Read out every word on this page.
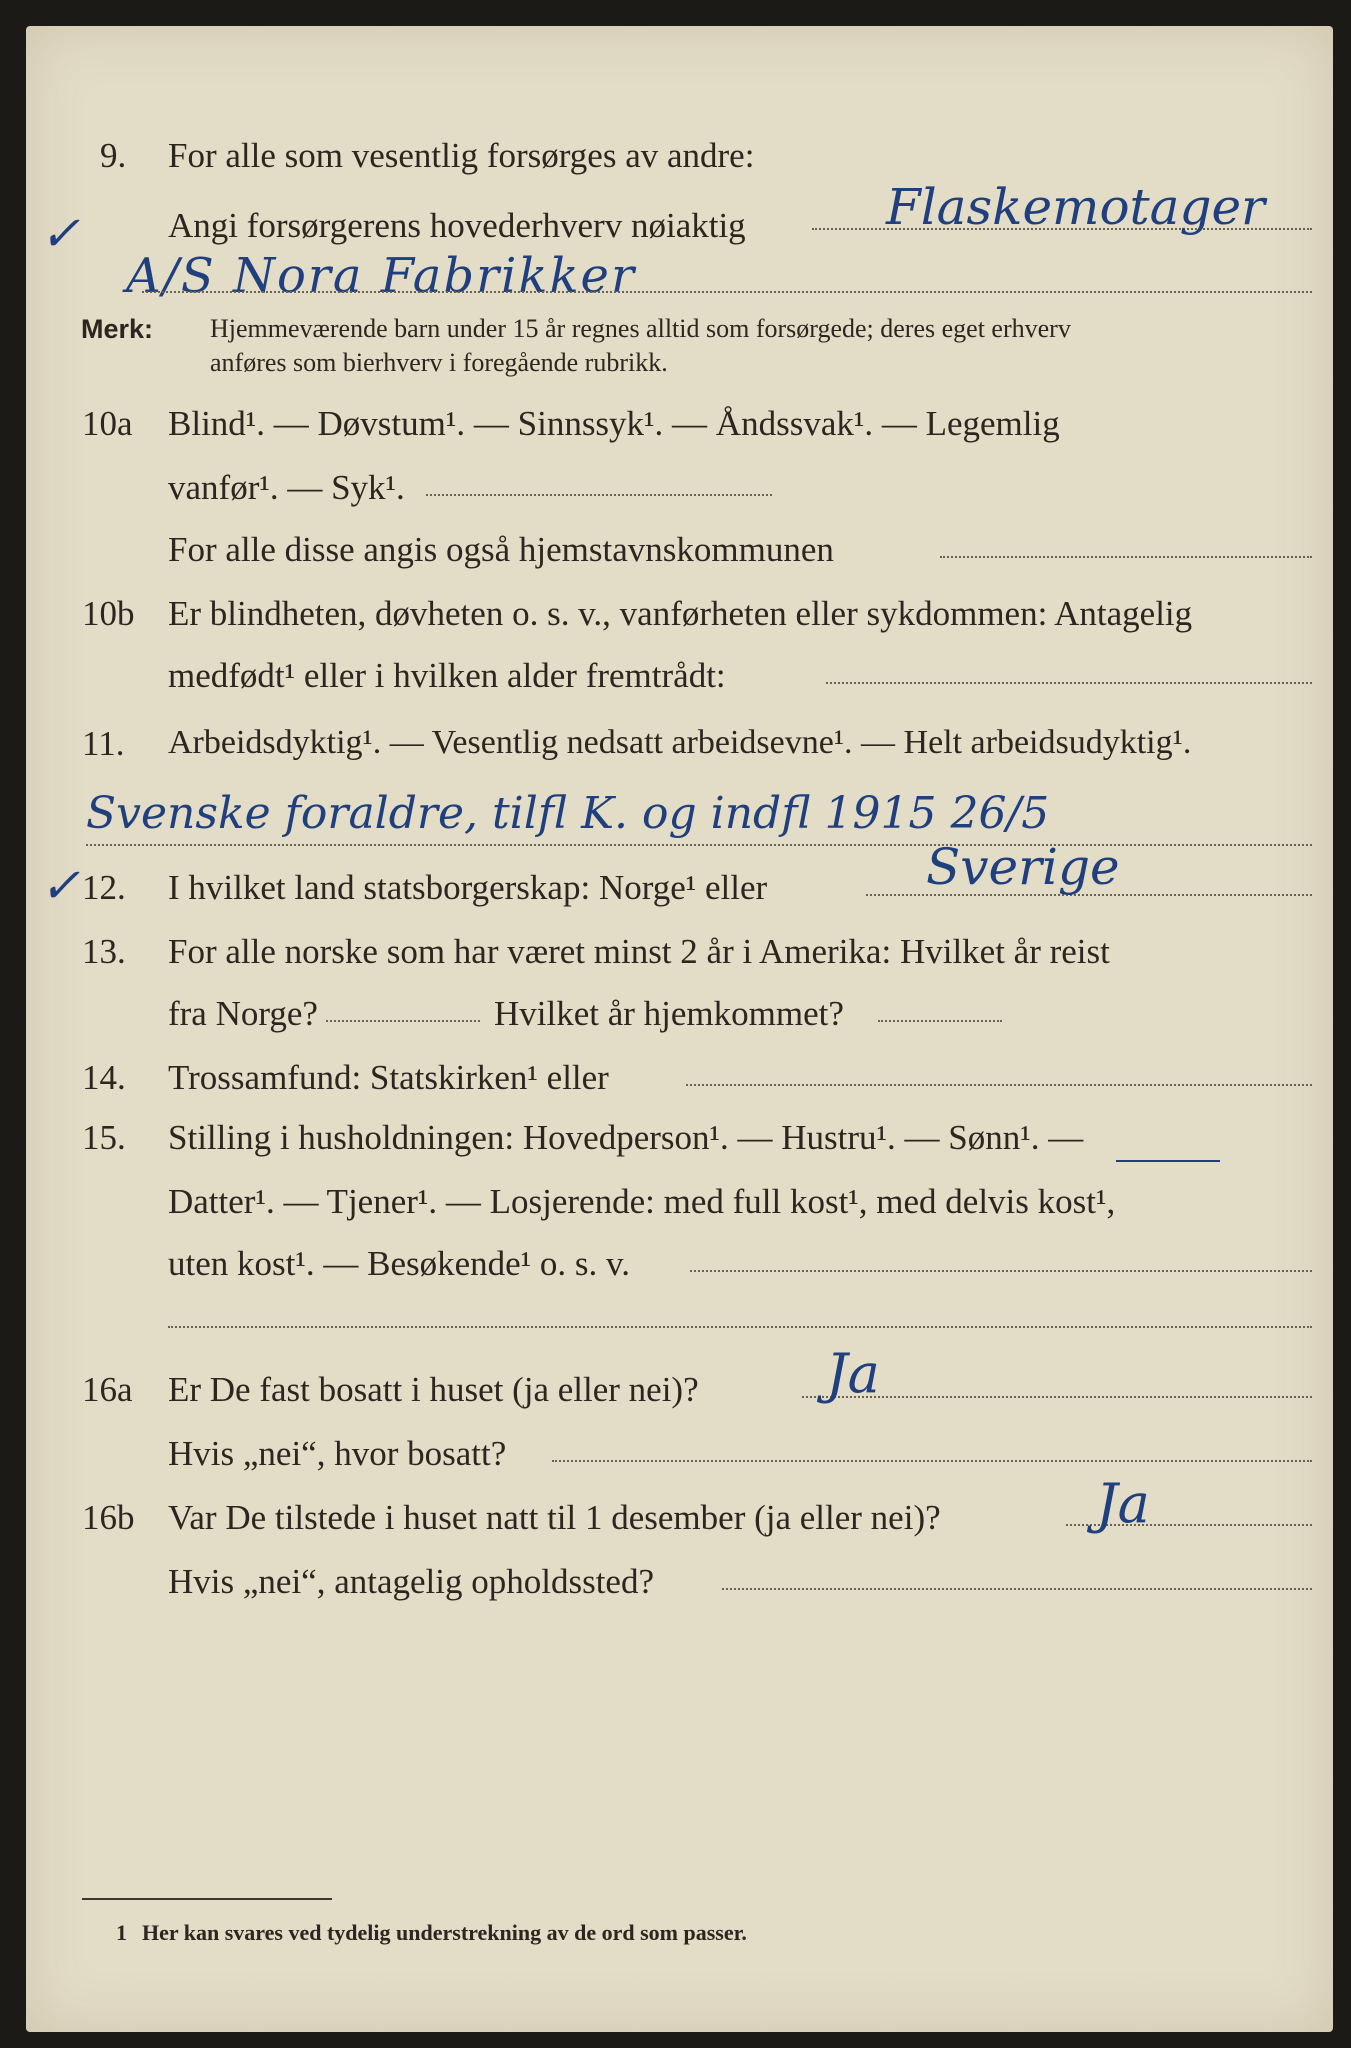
9. For alle som vesentlig forsørges av andre:
✓	Angi forsørgerens hovederhverv nøiaktig	Flaskemotager
A/S Nora Fabrikker
Merk: Hjemmeværende barn under 15 år regnes alltid som forsørgede; deres eget erhverv
anføres som bierhverv i foregående rubrikk.
10a Blind¹. — Døvstum¹. — Sinnssyk¹. — Åndssvak¹. — Legemlig
vanfør¹. — Syk¹.
For alle disse angis også hjemstavnskommunen
10b Er blindheten, døvheten o. s. v., vanførheten eller sykdommen: Antagelig
medfødt¹ eller i hvilken alder fremtrådt:
11. Arbeidsdyktig¹. — Vesentlig nedsatt arbeidsevne¹. — Helt arbeidsudyktig¹.
Svenske foraldre, tilfl K. og indfl 1915 26/5
✓ 12. I hvilket land statsborgerskap: Norge¹ eller	Sverige
13. For alle norske som har været minst 2 år i Amerika: Hvilket år reist
fra Norge?	Hvilket år hjemkommet?
14. Trossamfund: Statskirken¹ eller
15. Stilling i husholdningen: Hovedperson¹. — Hustru¹. — Sønn¹. —
Datter¹. — Tjener¹. — Losjerende: med full kost¹, med delvis kost¹,
uten kost¹. — Besøkende¹ o. s. v.
16a Er De fast bosatt i huset (ja eller nei)? Ja
Hvis „nei“, hvor bosatt?
16b Var De tilstede i huset natt til 1 desember (ja eller nei)?	Ja
Hvis „nei“, antagelig opholdssted?
1 Her kan svares ved tydelig understrekning av de ord som passer.
